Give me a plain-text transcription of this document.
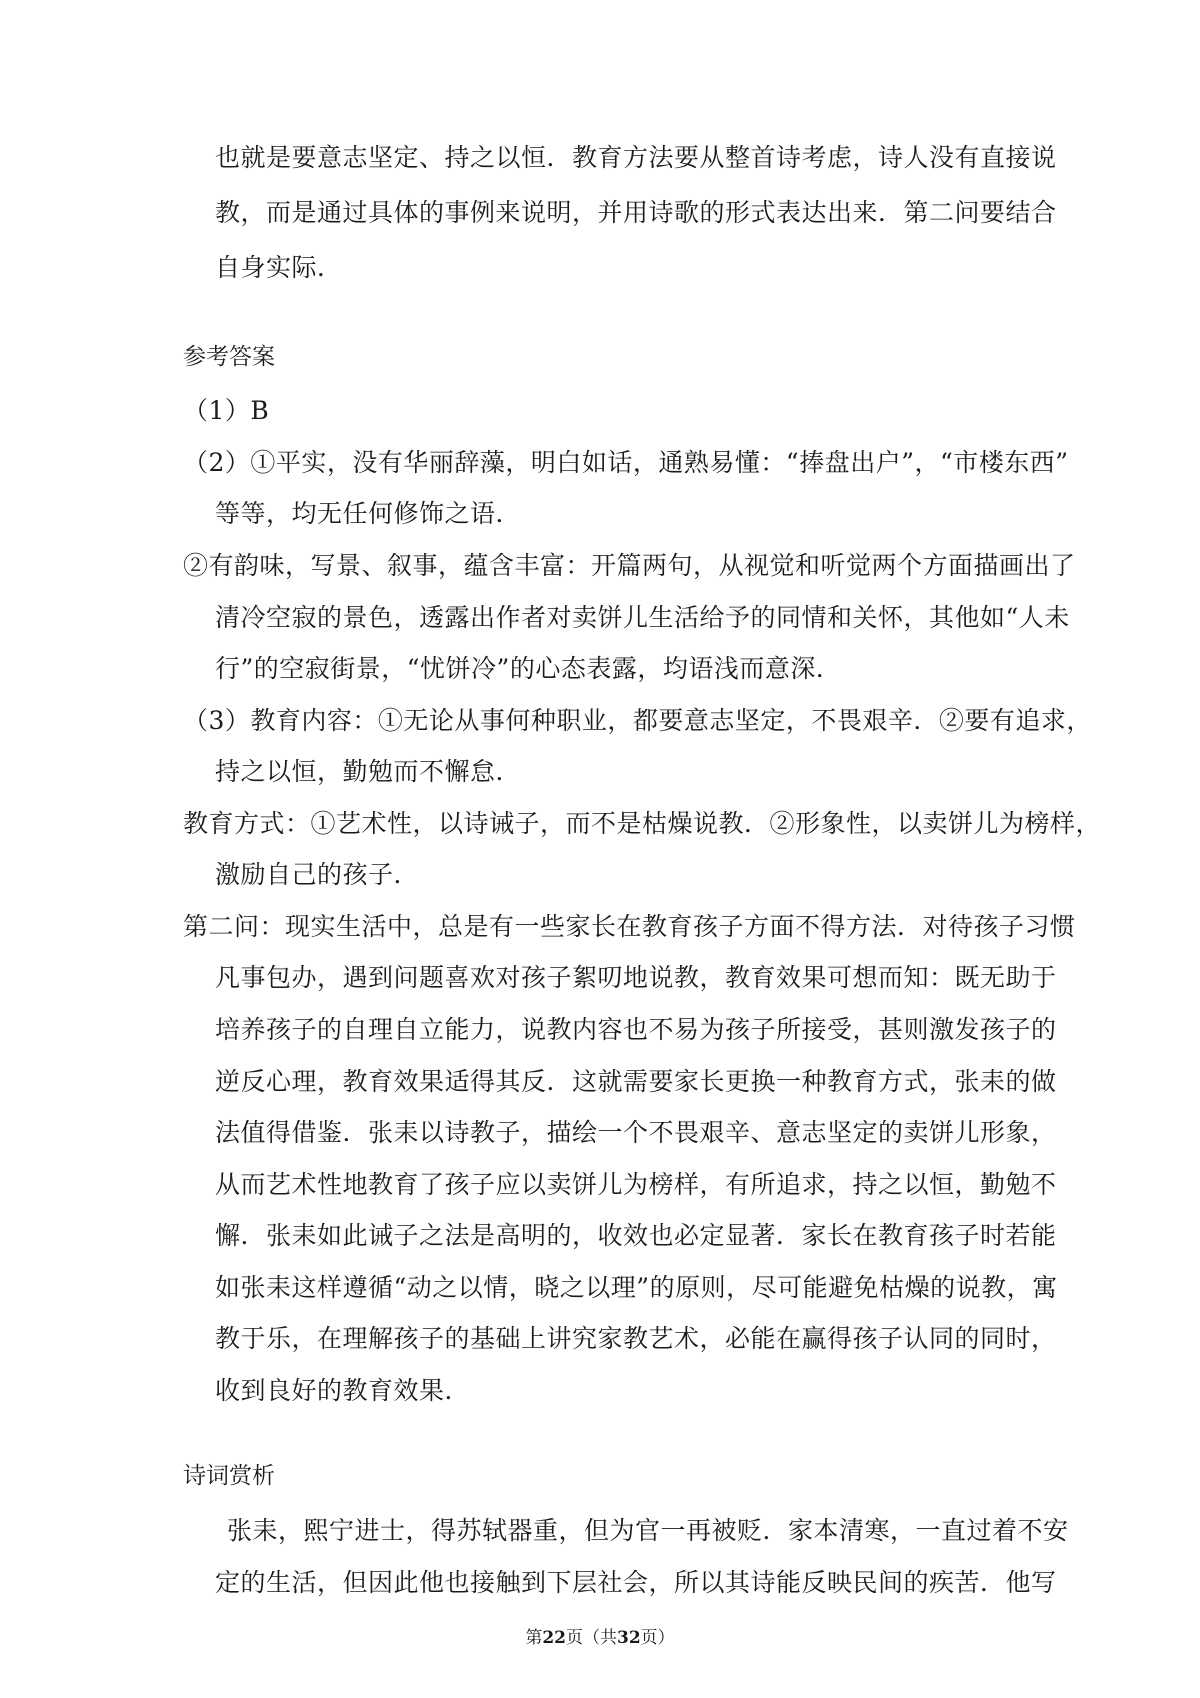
也就是要意志坚定、持之以恒．教育方法要从整首诗考虑，诗人没有直接说
教，而是通过具体的事例来说明，并用诗歌的形式表达出来．第二问要结合
自身实际．
参考答案
（1）B
（2）①平实，没有华丽辞藻，明白如话，通熟易懂：“捧盘出户”，“市楼东西”
等等，均无任何修饰之语．
②有韵味，写景、叙事，蕴含丰富：开篇两句，从视觉和听觉两个方面描画出了
清冷空寂的景色，透露出作者对卖饼儿生活给予的同情和关怀，其他如“人未
行”的空寂街景，“忧饼冷”的心态表露，均语浅而意深．
（3）教育内容：①无论从事何种职业，都要意志坚定，不畏艰辛．②要有追求，
持之以恒，勤勉而不懈怠．
教育方式：①艺术性，以诗诫子，而不是枯燥说教．②形象性，以卖饼儿为榜样，
激励自己的孩子．
第二问：现实生活中，总是有一些家长在教育孩子方面不得方法．对待孩子习惯
凡事包办，遇到问题喜欢对孩子絮叨地说教，教育效果可想而知：既无助于
培养孩子的自理自立能力，说教内容也不易为孩子所接受，甚则激发孩子的
逆反心理，教育效果适得其反．这就需要家长更换一种教育方式，张耒的做
法值得借鉴．张耒以诗教子，描绘一个不畏艰辛、意志坚定的卖饼儿形象，
从而艺术性地教育了孩子应以卖饼儿为榜样，有所追求，持之以恒，勤勉不
懈．张耒如此诫子之法是高明的，收效也必定显著．家长在教育孩子时若能
如张耒这样遵循“动之以情，晓之以理”的原则，尽可能避免枯燥的说教，寓
教于乐，在理解孩子的基础上讲究家教艺术，必能在赢得孩子认同的同时，
收到良好的教育效果．
诗词赏析
张耒，熙宁进士，得苏轼器重，但为官一再被贬．家本清寒，一直过着不安
定的生活，但因此他也接触到下层社会，所以其诗能反映民间的疾苦．他写
第22页（共32页）
